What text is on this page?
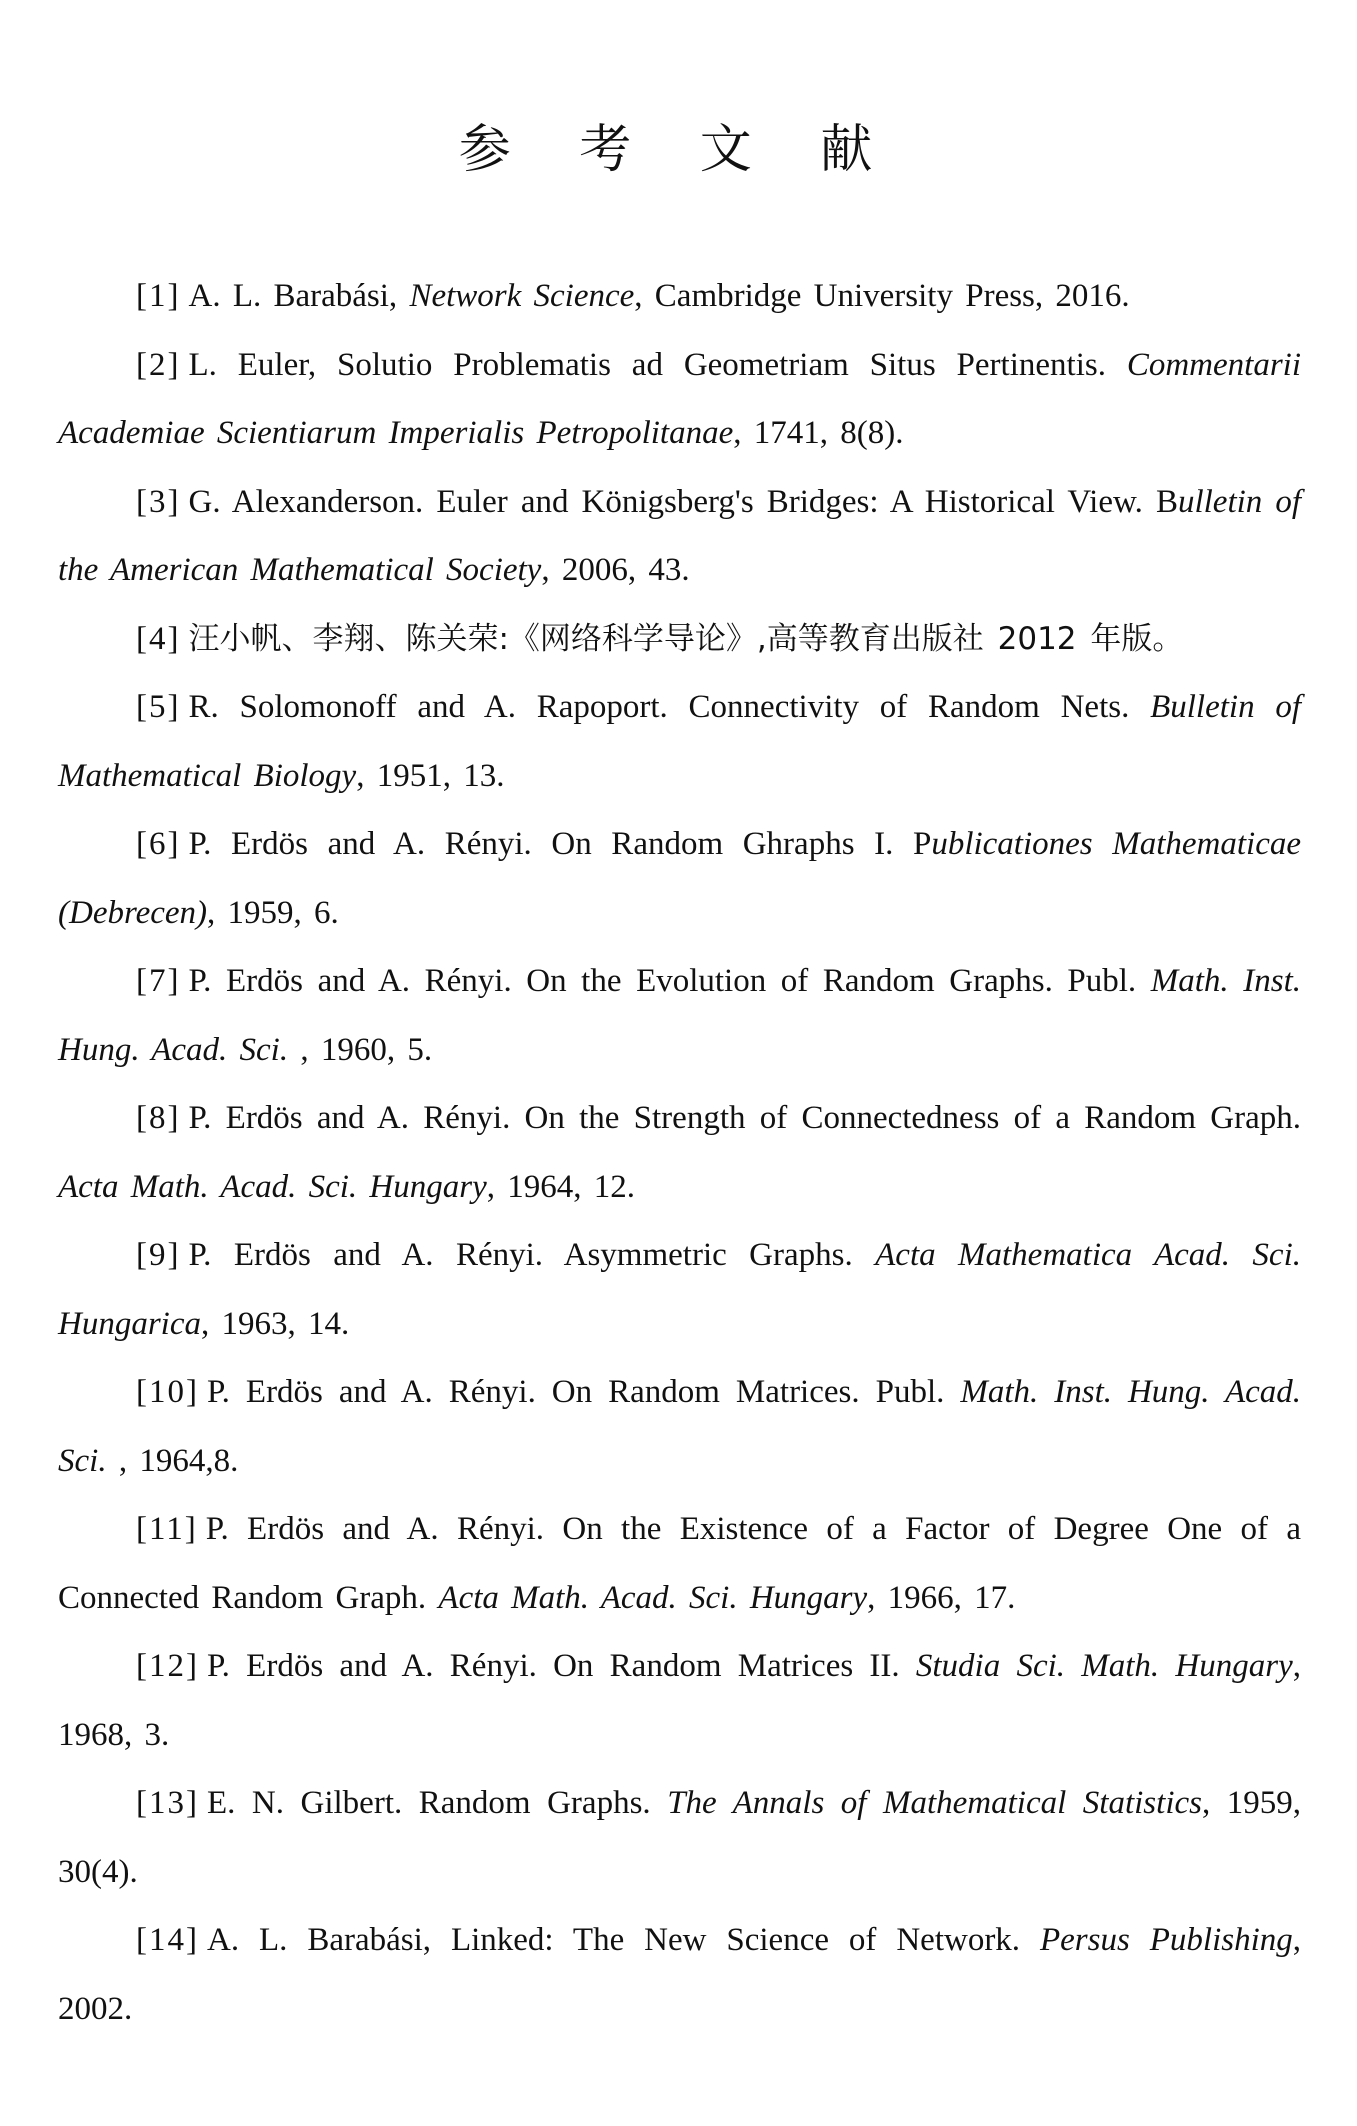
参 考 文 献
[1] A. L. Barabási, Network Science, Cambridge University Press, 2016.
[2] L. Euler, Solutio Problematis ad Geometriam Situs Pertinentis. Commentarii Academiae Scientiarum Imperialis Petropolitanae, 1741, 8(8).
[3] G. Alexanderson. Euler and Königsberg's Bridges: A Historical View. Bulletin of the American Mathematical Society, 2006, 43.
[4] 汪小帆、李翔、陈关荣:《网络科学导论》,高等教育出版社 2012 年版。
[5] R. Solomonoff and A. Rapoport. Connectivity of Random Nets. Bulletin of Mathematical Biology, 1951, 13.
[6] P. Erdös and A. Rényi. On Random Ghraphs I. Publicationes Mathematicae (Debrecen), 1959, 6.
[7] P. Erdös and A. Rényi. On the Evolution of Random Graphs. Publ. Math. Inst. Hung. Acad. Sci. , 1960, 5.
[8] P. Erdös and A. Rényi. On the Strength of Connectedness of a Random Graph. Acta Math. Acad. Sci. Hungary, 1964, 12.
[9] P. Erdös and A. Rényi. Asymmetric Graphs. Acta Mathematica Acad. Sci. Hungarica, 1963, 14.
[10] P. Erdös and A. Rényi. On Random Matrices. Publ. Math. Inst. Hung. Acad. Sci. , 1964,8.
[11] P. Erdös and A. Rényi. On the Existence of a Factor of Degree One of a Connected Random Graph. Acta Math. Acad. Sci. Hungary, 1966, 17.
[12] P. Erdös and A. Rényi. On Random Matrices II. Studia Sci. Math. Hungary, 1968, 3.
[13] E. N. Gilbert. Random Graphs. The Annals of Mathematical Statistics, 1959, 30(4).
[14] A. L. Barabási, Linked: The New Science of Network. Persus Publishing, 2002.
